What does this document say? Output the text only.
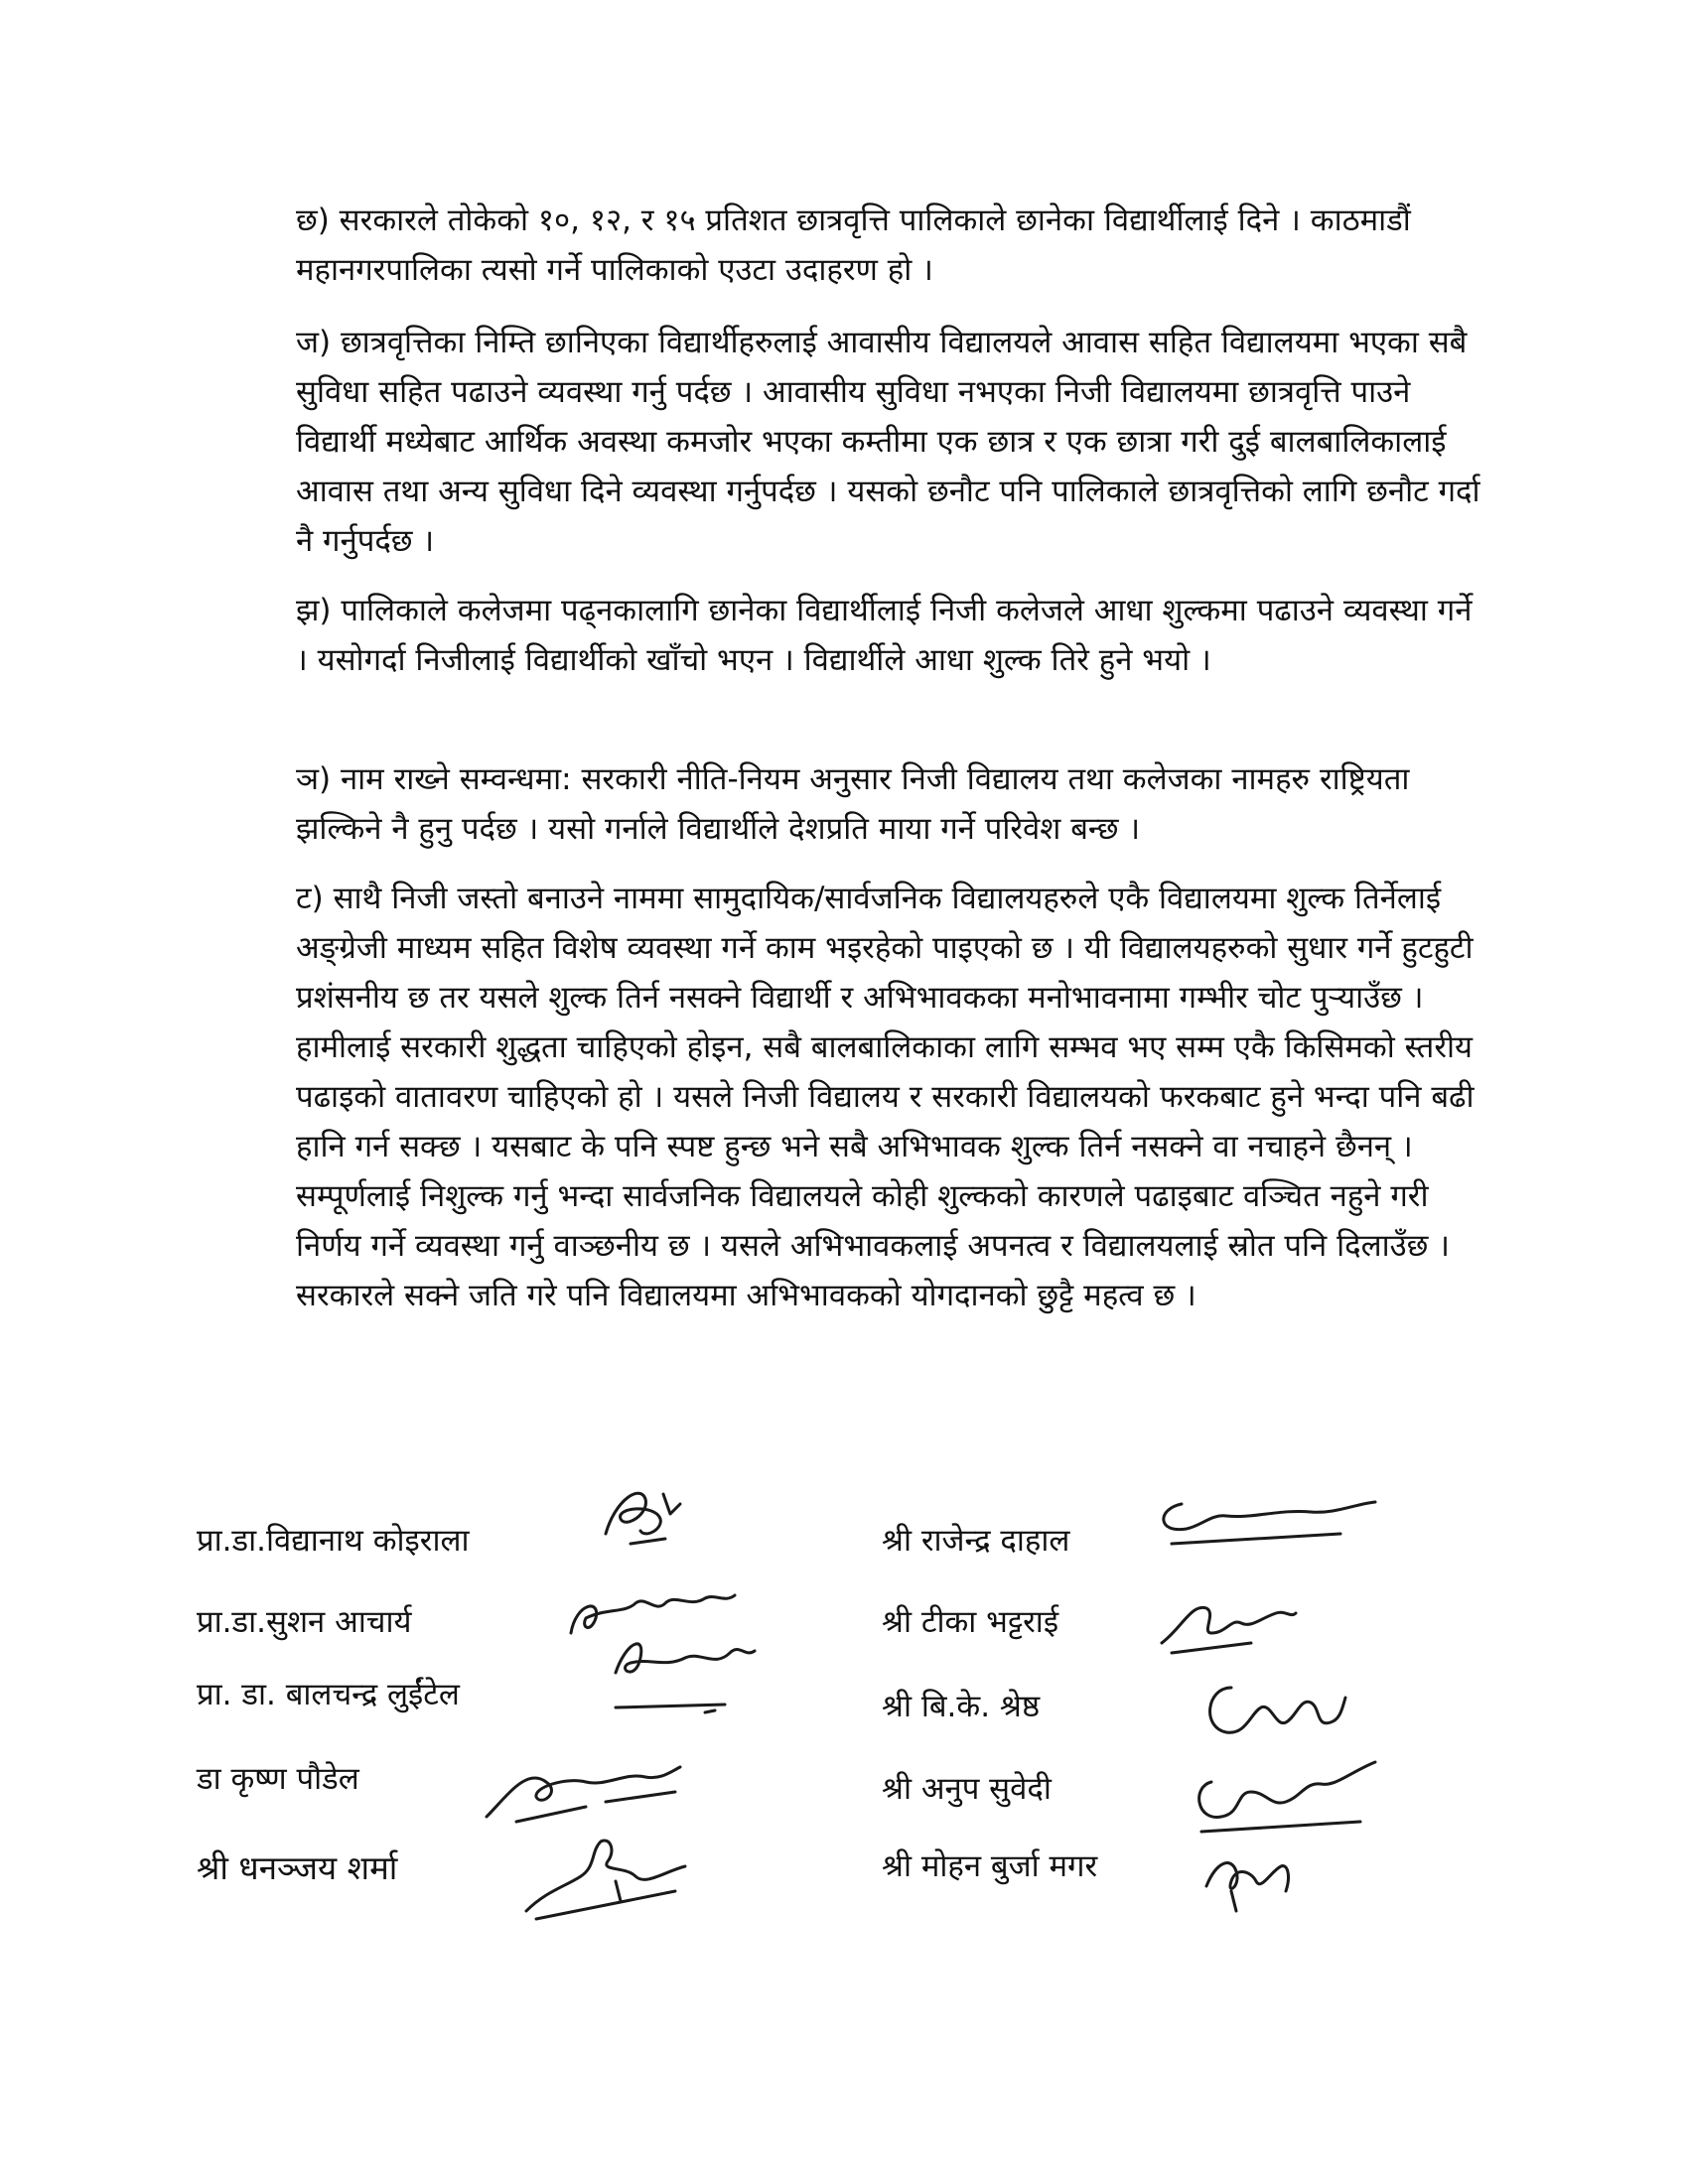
छ) सरकारले तोकेको १०, १२, र १५ प्रतिशत छात्रवृत्ति पालिकाले छानेका विद्यार्थीलाई दिने । काठमाडौं महानगरपालिका त्यसो गर्ने पालिकाको एउटा उदाहरण हो ।

ज) छात्रवृत्तिका निम्ति छानिएका विद्यार्थीहरुलाई आवासीय विद्यालयले आवास सहित विद्यालयमा भएका सबै सुविधा सहित पढाउने व्यवस्था गर्नु पर्दछ । आवासीय सुविधा नभएका निजी विद्यालयमा छात्रवृत्ति पाउने विद्यार्थी मध्येबाट आर्थिक अवस्था कमजोर भएका कम्तीमा एक छात्र र एक छात्रा गरी दुई बालबालिकालाई आवास तथा अन्य सुविधा दिने व्यवस्था गर्नुपर्दछ । यसको छनौट पनि पालिकाले छात्रवृत्तिको लागि छनौट गर्दा नै गर्नुपर्दछ ।

झ) पालिकाले कलेजमा पढ्नकालागि छानेका विद्यार्थीलाई निजी कलेजले आधा शुल्कमा पढाउने व्यवस्था गर्ने । यसोगर्दा निजीलाई विद्यार्थीको खाँचो भएन । विद्यार्थीले आधा शुल्क तिरे हुने भयो ।

ञ) नाम राख्ने सम्वन्धमा: सरकारी नीति-नियम अनुसार निजी विद्यालय तथा कलेजका नामहरु राष्ट्रियता झल्किने नै हुनु पर्दछ । यसो गर्नाले विद्यार्थीले देशप्रति माया गर्ने परिवेश बन्छ ।

ट) साथै निजी जस्तो बनाउने नाममा सामुदायिक/सार्वजनिक विद्यालयहरुले एकै विद्यालयमा शुल्क तिर्नेलाई अङ्ग्रेजी माध्यम सहित विशेष व्यवस्था गर्ने काम भइरहेको पाइएको छ । यी विद्यालयहरुको सुधार गर्ने हुटहुटी प्रशंसनीय छ तर यसले शुल्क तिर्न नसक्ने विद्यार्थी र अभिभावकका मनोभावनामा गम्भीर चोट पुर्‍याउँछ । हामीलाई सरकारी शुद्धता चाहिएको होइन, सबै बालबालिकाका लागि सम्भव भए सम्म एकै किसिमको स्तरीय पढाइको वातावरण चाहिएको हो । यसले निजी विद्यालय र सरकारी विद्यालयको फरकबाट हुने भन्दा पनि बढी हानि गर्न सक्छ । यसबाट के पनि स्पष्ट हुन्छ भने सबै अभिभावक शुल्क तिर्न नसक्ने वा नचाहने छैनन् । सम्पूर्णलाई निशुल्क गर्नु भन्दा सार्वजनिक विद्यालयले कोही शुल्कको कारणले पढाइबाट वञ्चित नहुने गरी निर्णय गर्ने व्यवस्था गर्नु वाञ्छनीय छ । यसले अभिभावकलाई अपनत्व र विद्यालयलाई स्रोत पनि दिलाउँछ । सरकारले सक्ने जति गरे पनि विद्यालयमा अभिभावकको योगदानको छुट्टै महत्व छ ।

प्रा.डा.विद्यानाथ कोइराला
प्रा.डा.सुशन आचार्य
प्रा. डा. बालचन्द्र लुईंटेल
डा कृष्ण पौडेल
श्री धनञ्जय शर्मा
श्री राजेन्द्र दाहाल
श्री टीका भट्टराई
श्री बि.के. श्रेष्ठ
श्री अनुप सुवेदी
श्री मोहन बुर्जा मगर
